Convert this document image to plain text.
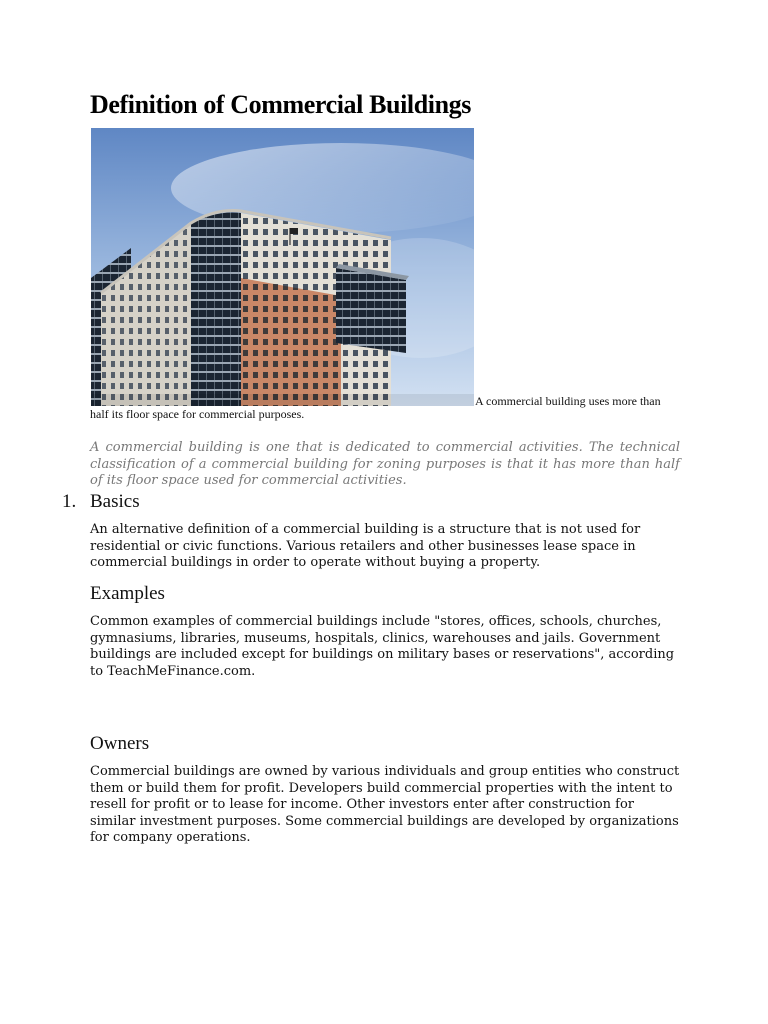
Definition of Commercial Buildings
A commercial building uses more than
half its floor space for commercial purposes.

A commercial building is one that is dedicated to commercial activities. The technical classification of a commercial building for zoning purposes is that it has more than half of its floor space used for commercial activities.

1. Basics

An alternative definition of a commercial building is a structure that is not used for residential or civic functions. Various retailers and other businesses lease space in commercial buildings in order to operate without buying a property.

Examples

Common examples of commercial buildings include "stores, offices, schools, churches, gymnasiums, libraries, museums, hospitals, clinics, warehouses and jails. Government buildings are included except for buildings on military bases or reservations", according to TeachMeFinance.com.

Owners

Commercial buildings are owned by various individuals and group entities who construct them or build them for profit. Developers build commercial properties with the intent to resell for profit or to lease for income. Other investors enter after construction for similar investment purposes. Some commercial buildings are developed by organizations for company operations.
